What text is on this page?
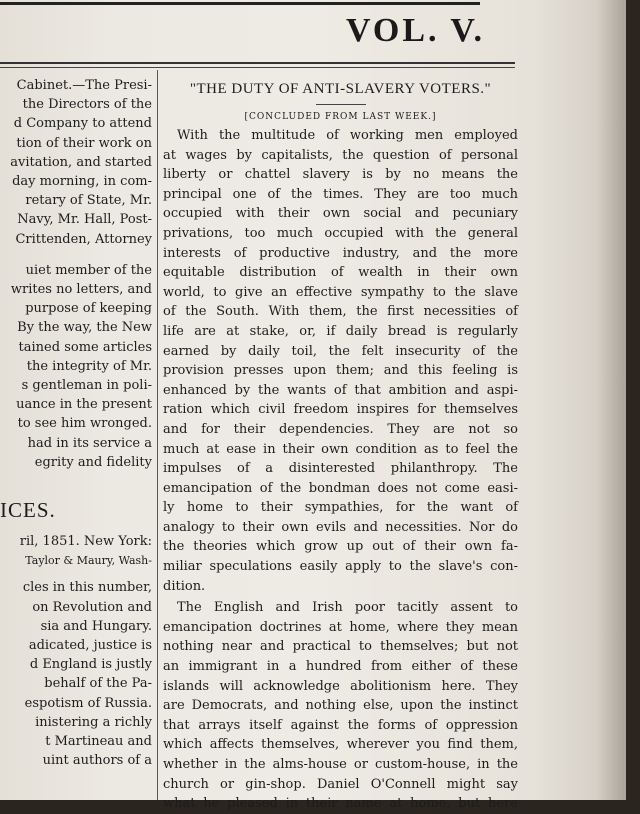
VOL. V.
Cabinet.—The Presi-
the Directors of the
d Company to attend
tion of their work on
avitation, and started
day morning, in com-
retary of State, Mr.
Navy, Mr. Hall, Post-
Crittenden, Attorney
uiet member of the
writes no letters, and
purpose of keeping
By the way, the New
tained some articles
the integrity of Mr.
s gentleman in poli-
uance in the present
to see him wronged.
had in its service a
egrity and fidelity
ICES.
ril, 1851. New York:
Taylor & Maury, Wash-
cles in this number,
on Revolution and
sia and Hungary.
adicated, justice is
d England is justly
behalf of the Pa-
espotism of Russia.
inistering a richly
t Martineau and
uint authors of a
"THE DUTY OF ANTI-SLAVERY VOTERS."
[CONCLUDED FROM LAST WEEK.]
With the multitude of working men employed
at wages by capitalists, the question of personal
liberty or chattel slavery is by no means the
principal one of the times. They are too much
occupied with their own social and pecuniary
privations, too much occupied with the general
interests of productive industry, and the more
equitable distribution of wealth in their own
world, to give an effective sympathy to the slave
of the South. With them, the first necessities of
life are at stake, or, if daily bread is regularly
earned by daily toil, the felt insecurity of the
provision presses upon them; and this feeling is
enhanced by the wants of that ambition and aspi-
ration which civil freedom inspires for themselves
and for their dependencies. They are not so
much at ease in their own condition as to feel the
impulses of a disinterested philanthropy. The
emancipation of the bondman does not come easi-
ly home to their sympathies, for the want of
analogy to their own evils and necessities. Nor do
the theories which grow up out of their own fa-
miliar speculations easily apply to the slave's con-
dition.
The English and Irish poor tacitly assent to
emancipation doctrines at home, where they mean
nothing near and practical to themselves; but not
an immigrant in a hundred from either of these
islands will acknowledge abolitionism here. They
are Democrats, and nothing else, upon the instinct
that arrays itself against the forms of oppression
which affects themselves, wherever you find them,
whether in the alms-house or custom-house, in the
church or gin-shop. Daniel O'Connell might say
what he pleased in their name at home, but here
